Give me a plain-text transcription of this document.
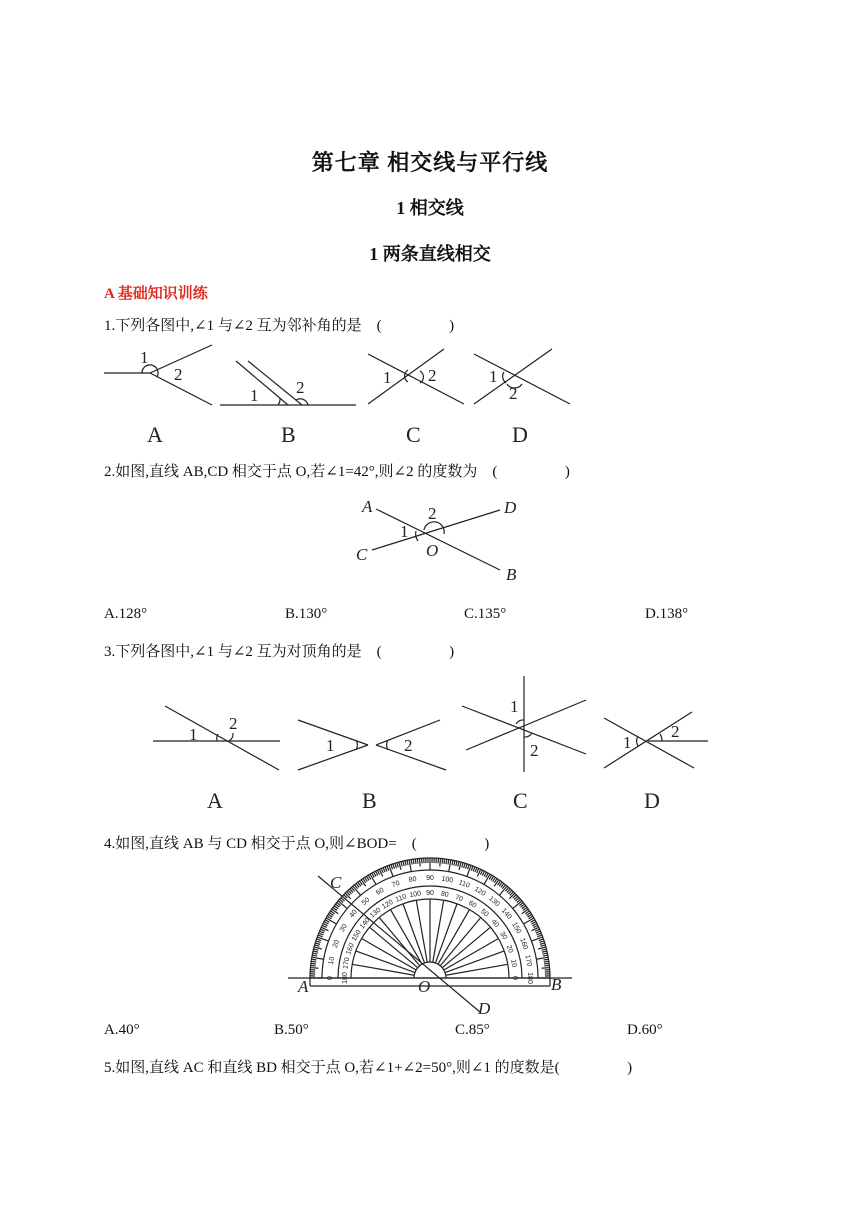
第七章 相交线与平行线
1 相交线
1 两条直线相交
A 基础知识训练
1.下列各图中,∠1 与∠2 互为邻补角的是    (                  )
1
2
A
1 2
B
1 2
C
1
2
D
2.如图,直线 AB,CD 相交于点 O,若∠1=42°,则∠2 的度数为    (                  )
A
B
C
D
O
1
2
A.128°	B.130°	C.135°	D.138°
3.下列各图中,∠1 与∠2 互为对顶角的是    (                  )
1
2
A
1	2
B
1
2
C
1
2
D
4.如图,直线 AB 与 CD 相交于点 O,则∠BOD=    (                  )
0 180
10 170
20 160
30
150
40
140
50
130
60
120
70
110
80
100
90
90
100
80
110
70
120
60 130
50 140
40 150
30
160
20
170
10
180
0
C
D
A	B
O
A.40°	B.50°	C.85°	D.60°
5.如图,直线 AC 和直线 BD 相交于点 O,若∠1+∠2=50°,则∠1 的度数是(                  )
